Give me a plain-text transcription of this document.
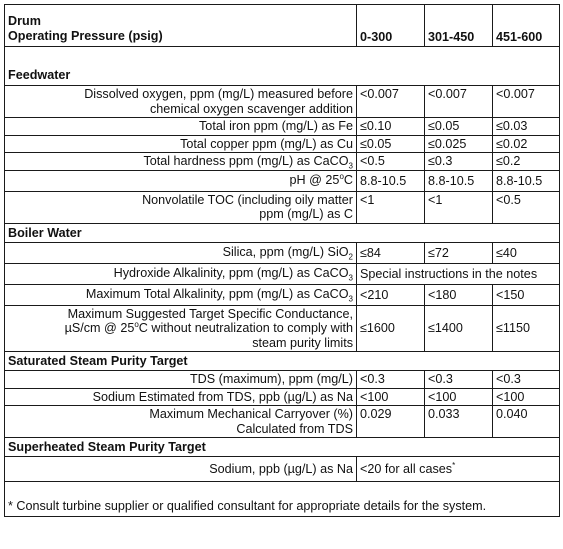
Drum
Operating Pressure (psig)	0-300	301-450	451-600
Feedwater			
Dissolved oxygen, ppm (mg/L) measured before
chemical oxygen scavenger addition	<0.007	<0.007	<0.007
Total iron ppm (mg/L) as Fe	≤0.10	≤0.05	≤0.03
Total copper ppm (mg/L) as Cu	≤0.05	≤0.025	≤0.02
Total hardness ppm (mg/L) as CaCO$_3$	<0.5	≤0.3	≤0.2
pH @ 25$^o$C	8.8-10.5	8.8-10.5	8.8-10.5
Nonvolatile TOC (including oily matter
ppm (mg/L) as C	<1	<1	<0.5
Boiler Water			
Silica, ppm (mg/L) SiO$_2$	≤84	≤72	≤40
Hydroxide Alkalinity, ppm (mg/L) as CaCO$_3$	Special instructions in the notes		
Maximum Total Alkalinity, ppm (mg/L) as CaCO$_3$	<210	<180	<150
Maximum Suggested Target Specific Conductance,
µS/cm @ 25$^o$C without neutralization to comply with
steam purity limits	≤1600	≤1400	≤1150
Saturated Steam Purity Target			
TDS (maximum), ppm (mg/L)	<0.3	<0.3	<0.3
Sodium Estimated from TDS, ppb (µg/L) as Na	<100	<100	<100
Maximum Mechanical Carryover (%)
Calculated from TDS	0.029	0.033	0.040
Superheated Steam Purity Target			
Sodium, ppb (µg/L) as Na	<20 for all cases*
* Consult turbine supplier or qualified consultant for appropriate details for the system.			
